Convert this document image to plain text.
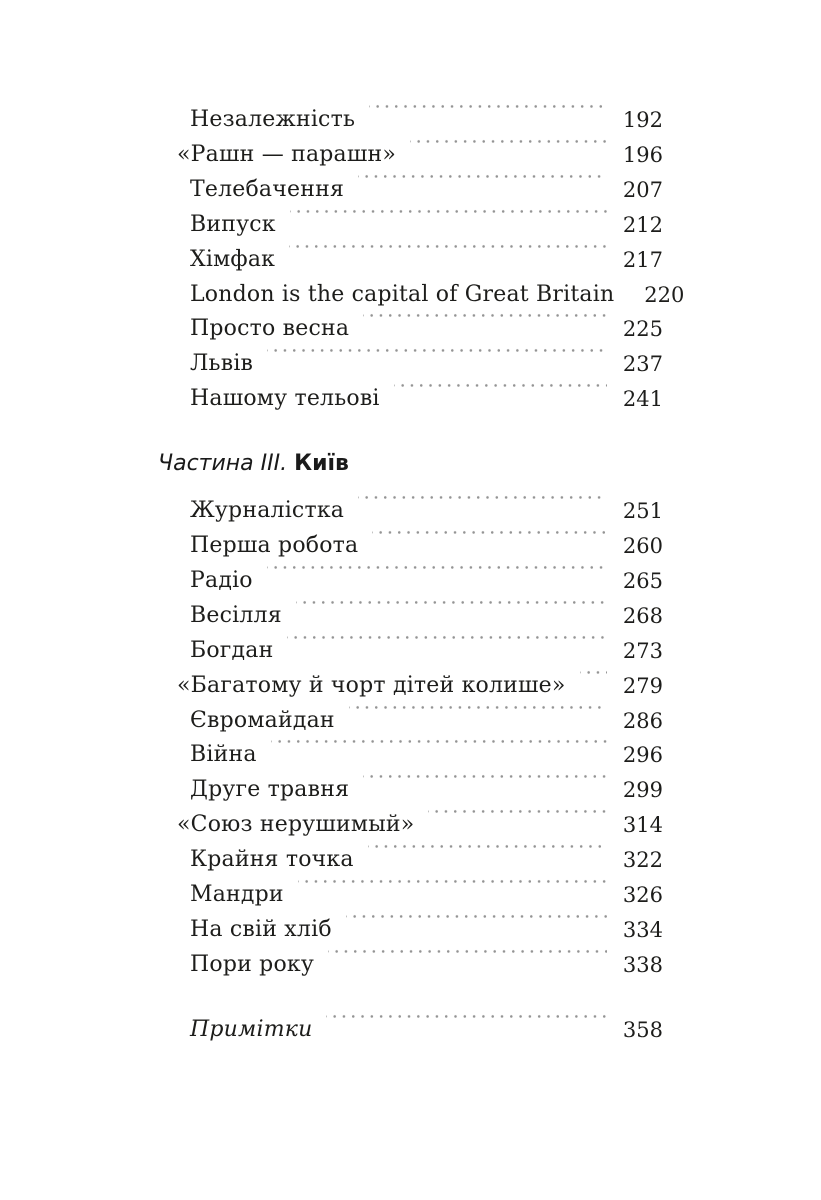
Незалежність	192
«Рашн — парашн»	196
Телебачення	207
Випуск	212
Хімфак	217
London is the capital of Great Britain	220
Просто весна	225
Львів	237
Нашому тельові	241
Частина III. Київ
Журналістка	251
Перша робота	260
Радіо	265
Весілля	268
Богдан	273
«Багатому й чорт дітей колише»	279
Євромайдан	286
Війна	296
Друге травня	299
«Союз нерушимый»	314
Крайня точка	322
Мандри	326
На свій хліб	334
Пори року	338
Примітки	358
